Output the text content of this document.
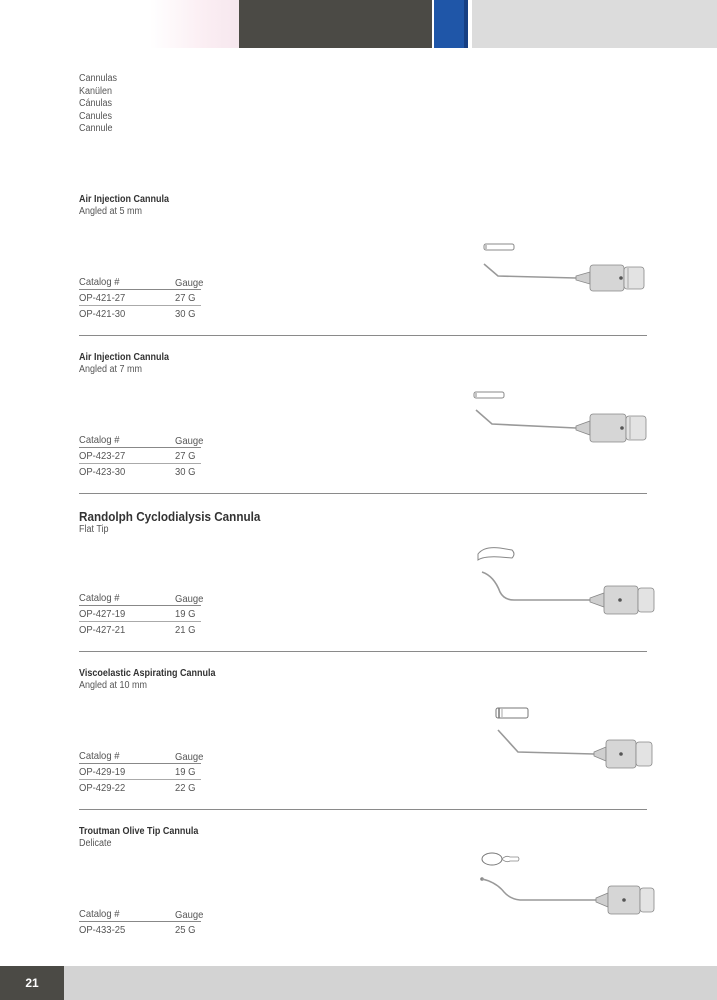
Cannulas
Kanülen
Cánulas
Canules
Cannule
Air Injection Cannula
Angled at 5 mm
Catalog #	Gauge
OP-421-27	27 G
OP-421-30	30 G
Air Injection Cannula
Angled at 7 mm
Catalog #	Gauge
OP-423-27	27 G
OP-423-30	30 G
Randolph Cyclodialysis Cannula
Flat Tip
Catalog #	Gauge
OP-427-19	19 G
OP-427-21	21 G
Viscoelastic Aspirating Cannula
Angled at 10 mm
Catalog #	Gauge
OP-429-19	19 G
OP-429-22	22 G
Troutman Olive Tip Cannula
Delicate
Catalog #	Gauge
OP-433-25	25 G
21
